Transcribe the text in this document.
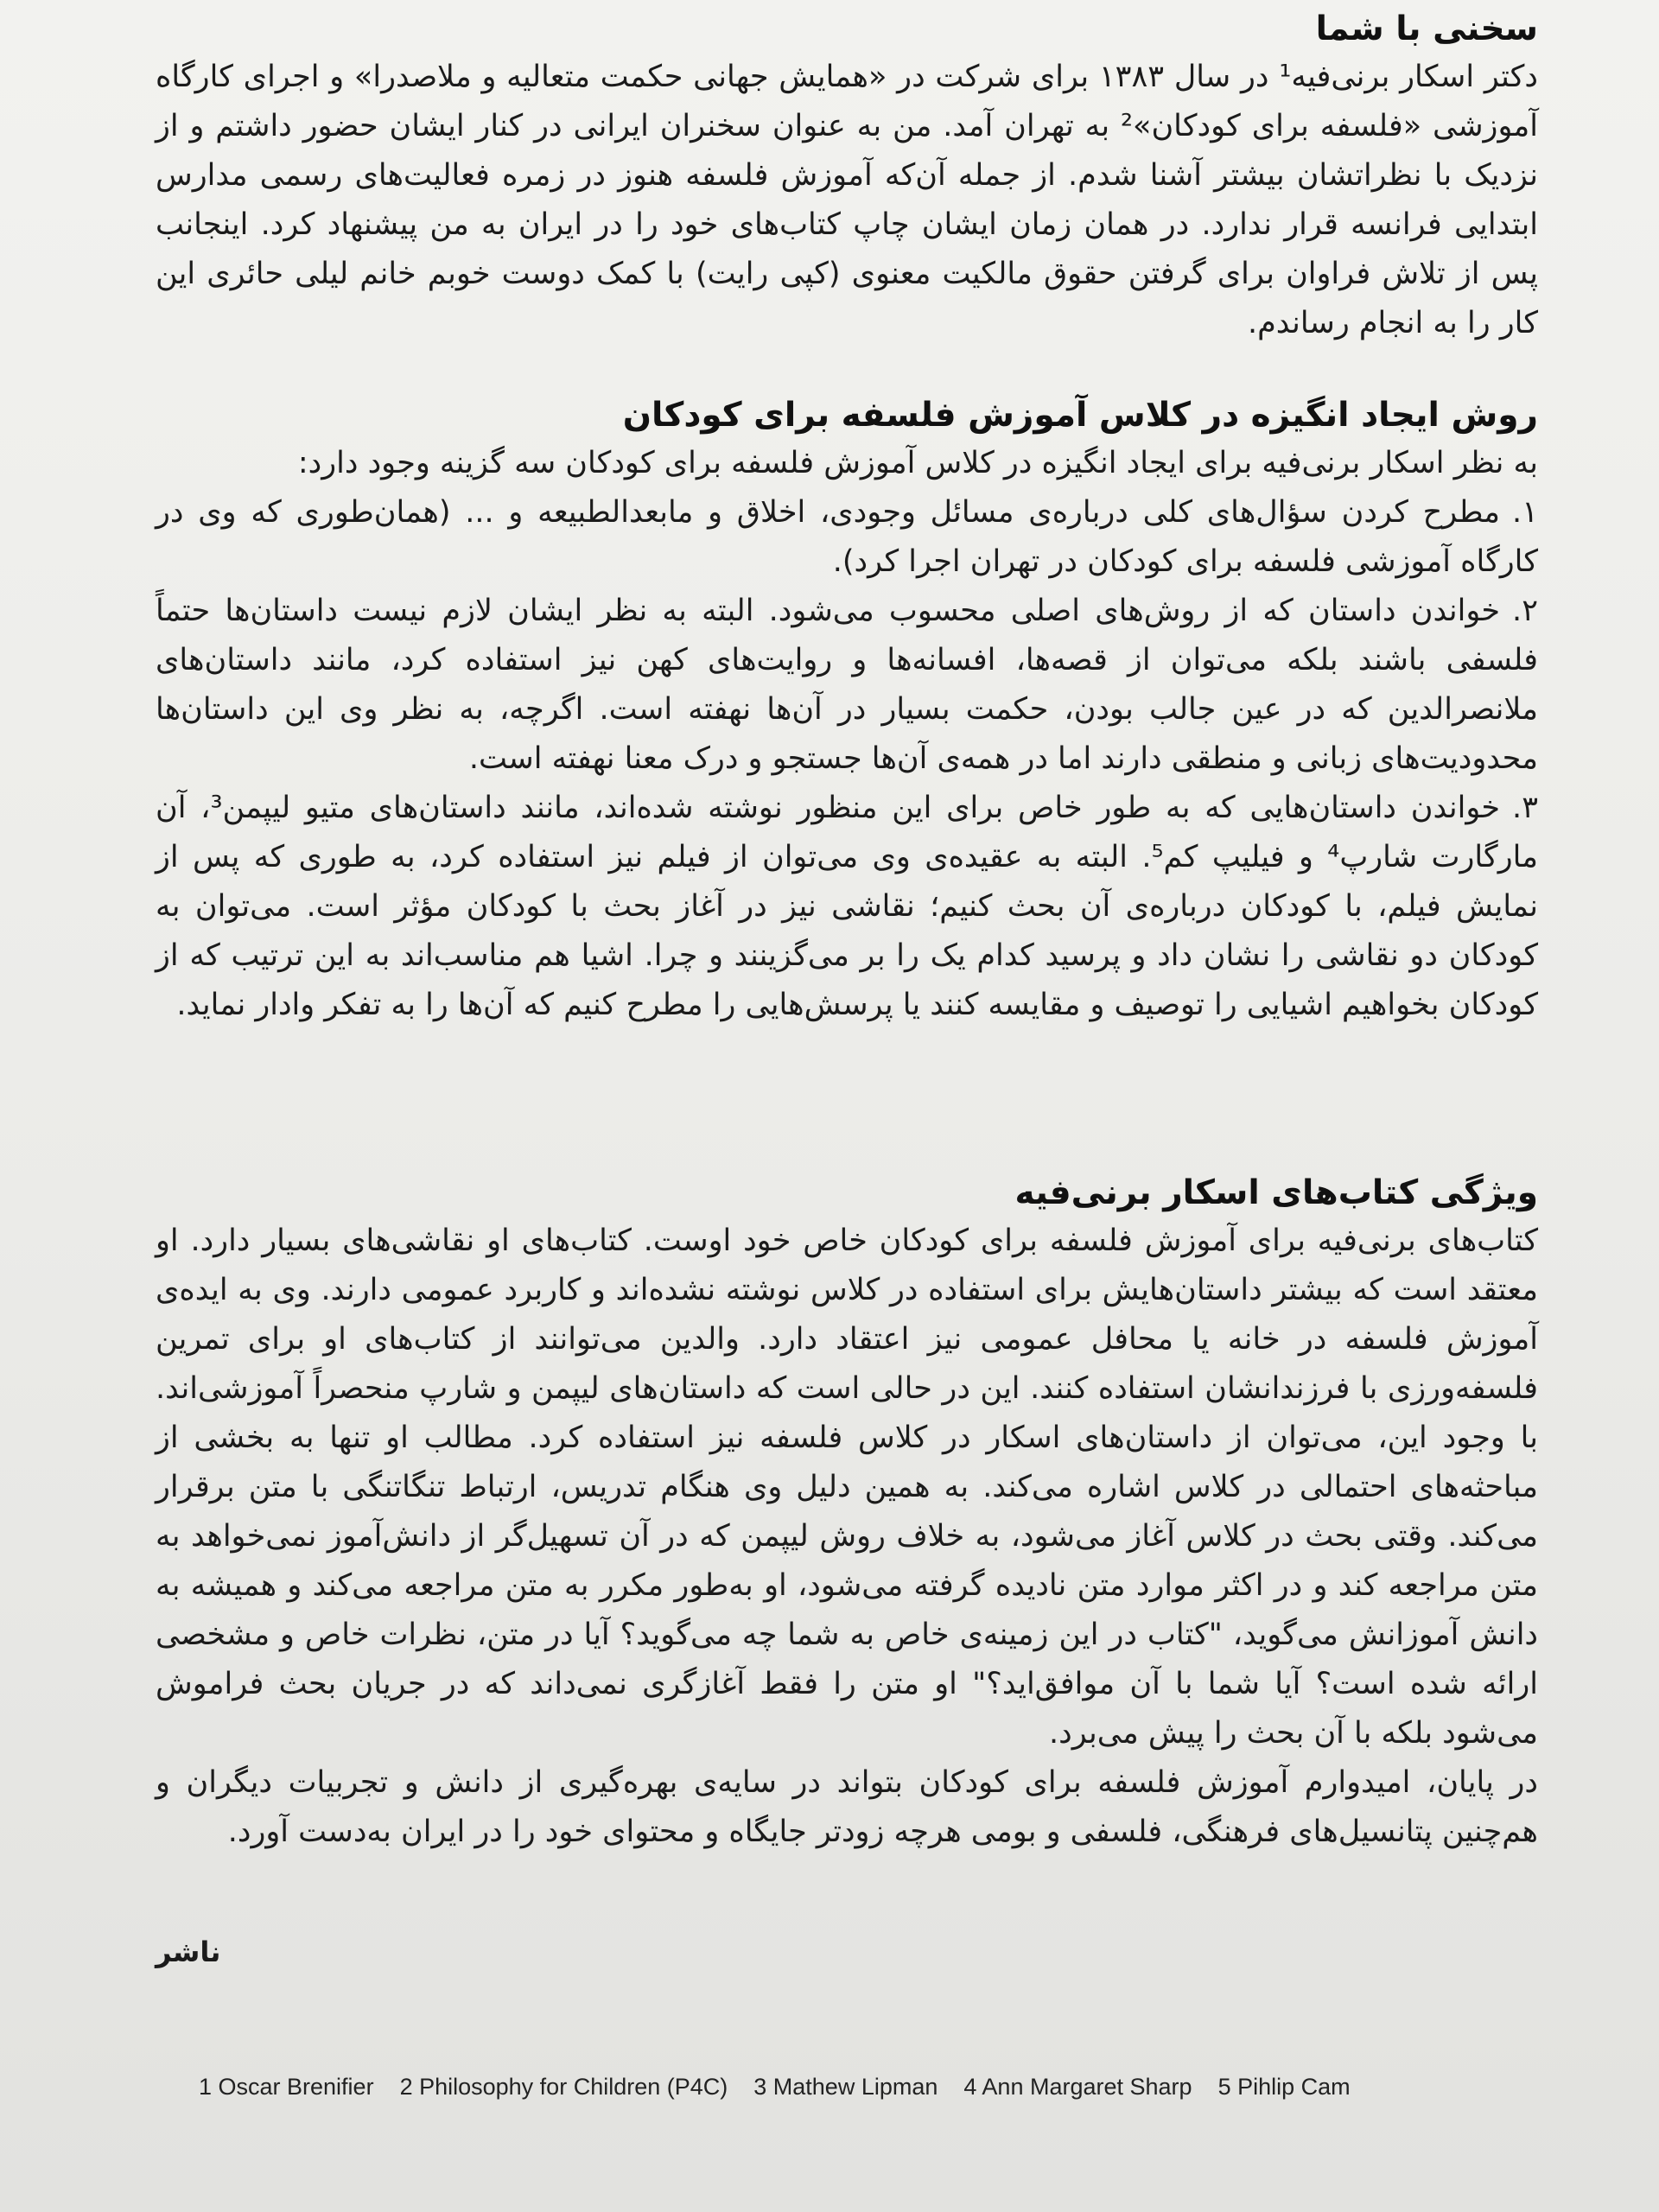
سخنی با شما

دکتر اسکار برنی‌فیه¹ در سال ۱۳۸۳ برای شرکت در «همایش جهانی حکمت متعالیه و ملاصدرا» و اجرای کارگاه آموزشی «فلسفه برای کودکان»² به تهران آمد. من به عنوان سخنران ایرانی در کنار ایشان حضور داشتم و از نزدیک با نظراتشان بیشتر آشنا شدم. از جمله آن‌که آموزش فلسفه هنوز در زمره فعالیت‌های رسمی مدارس ابتدایی فرانسه قرار ندارد. در همان زمان ایشان چاپ کتاب‌های خود را در ایران به من پیشنهاد کرد. اینجانب پس از تلاش فراوان برای گرفتن حقوق مالکیت معنوی (کپی رایت) با کمک دوست خوبم خانم لیلی حائری این کار را به انجام رساندم.

روش ایجاد انگیزه در کلاس آموزش فلسفه برای کودکان

به نظر اسکار برنی‌فیه برای ایجاد انگیزه در کلاس آموزش فلسفه برای کودکان سه گزینه وجود دارد:

۱.مطرح کردن سؤال‌های کلی درباره‌ی مسائل وجودی، اخلاق و مابعدالطبیعه و ... (همان‌طوری که وی در کارگاه آموزشی فلسفه برای کودکان در تهران اجرا کرد).

۲.خواندن داستان که از روش‌های اصلی محسوب می‌شود. البته به نظر ایشان لازم نیست داستان‌ها حتماً فلسفی باشند بلکه می‌توان از قصه‌ها، افسانه‌ها و روایت‌های کهن نیز استفاده کرد، مانند داستان‌های ملانصرالدین که در عین جالب بودن، حکمت بسیار در آن‌ها نهفته است. اگرچه، به نظر وی این داستان‌ها محدودیت‌های زبانی و منطقی دارند اما در همه‌ی آن‌ها جستجو و درک معنا نهفته است.

۳.خواندن داستان‌هایی که به طور خاص برای این منظور نوشته شده‌اند، مانند داستان‌های متیو لیپمن³، آن مارگارت شارپ⁴ و فیلیپ کم⁵. البته به عقیده‌ی وی می‌توان از فیلم نیز استفاده کرد، به طوری که پس از نمایش فیلم، با کودکان درباره‌ی آن بحث کنیم؛ نقاشی نیز در آغاز بحث با کودکان مؤثر است. می‌توان به کودکان دو نقاشی را نشان داد و پرسید کدام یک را بر می‌گزینند و چرا. اشیا هم مناسب‌اند به این ترتیب که از کودکان بخواهیم اشیایی را توصیف و مقایسه کنند یا پرسش‌هایی را مطرح کنیم که آن‌ها را به تفکر وادار نماید.

ویژگی کتاب‌های اسکار برنی‌فیه

کتاب‌های برنی‌فیه برای آموزش فلسفه برای کودکان خاص خود اوست. کتاب‌های او نقاشی‌های بسیار دارد. او معتقد است که بیشتر داستان‌هایش برای استفاده در کلاس نوشته نشده‌اند و کاربرد عمومی دارند. وی به ایده‌ی آموزش فلسفه در خانه یا محافل عمومی نیز اعتقاد دارد. والدین می‌توانند از کتاب‌های او برای تمرین فلسفه‌ورزی با فرزندانشان استفاده کنند. این در حالی است که داستان‌های لیپمن و شارپ منحصراً آموزشی‌اند. با وجود این، می‌توان از داستان‌های اسکار در کلاس فلسفه نیز استفاده کرد. مطالب او تنها به بخشی از مباحثه‌های احتمالی در کلاس اشاره می‌کند. به همین دلیل وی هنگام تدریس، ارتباط تنگاتنگی با متن برقرار می‌کند. وقتی بحث در کلاس آغاز می‌شود، به خلاف روش لیپمن که در آن تسهیل‌گر از دانش‌آموز نمی‌خواهد به متن مراجعه کند و در اکثر موارد متن نادیده گرفته می‌شود، او به‌طور مکرر به متن مراجعه می‌کند و همیشه به دانش آموزانش می‌گوید، "کتاب در این زمینه‌ی خاص به شما چه می‌گوید؟ آیا در متن، نظرات خاص و مشخصی ارائه شده است؟ آیا شما با آن موافق‌اید؟" او متن را فقط آغازگری نمی‌داند که در جریان بحث فراموش می‌شود بلکه با آن بحث را پیش می‌برد.

در پایان، امیدوارم آموزش فلسفه برای کودکان بتواند در سایه‌ی بهره‌گیری از دانش و تجربیات دیگران و هم‌چنین پتانسیل‌های فرهنگی، فلسفی و بومی هرچه زودتر جایگاه و محتوای خود را در ایران به‌دست آورد.

ناشر
1 Oscar Brenifier 2 Philosophy for Children (P4C) 3 Mathew Lipman 4 Ann Margaret Sharp 5 Pihlip Cam
